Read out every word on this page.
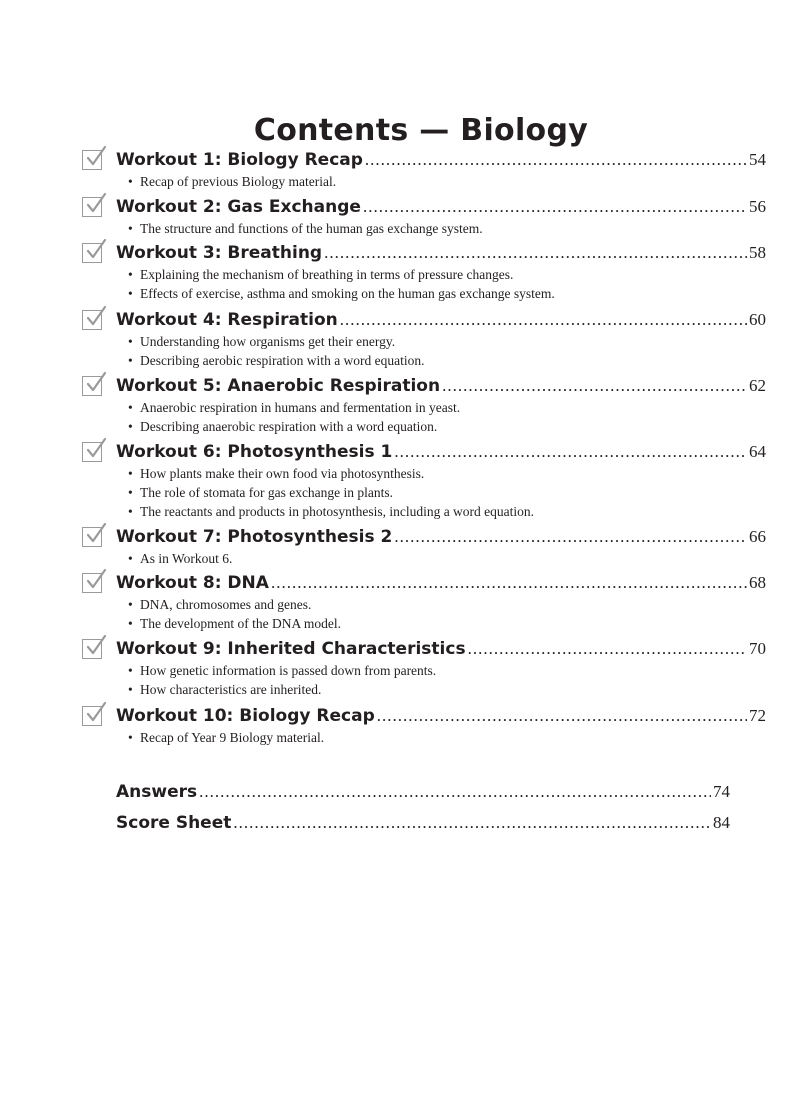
Contents — Biology
Workout 1: Biology Recap .....	54
• Recap of previous Biology material.
Workout 2: Gas Exchange .....	56
• The structure and functions of the human gas exchange system.
Workout 3: Breathing .....	58
• Explaining the mechanism of breathing in terms of pressure changes.
• Effects of exercise, asthma and smoking on the human gas exchange system.
Workout 4: Respiration .....	60
• Understanding how organisms get their energy.
• Describing aerobic respiration with a word equation.
Workout 5: Anaerobic Respiration .....	62
• Anaerobic respiration in humans and fermentation in yeast.
• Describing anaerobic respiration with a word equation.
Workout 6: Photosynthesis 1 .....	64
• How plants make their own food via photosynthesis.
• The role of stomata for gas exchange in plants.
• The reactants and products in photosynthesis, including a word equation.
Workout 7: Photosynthesis 2 .....	66
• As in Workout 6.
Workout 8: DNA .....	68
• DNA, chromosomes and genes.
• The development of the DNA model.
Workout 9: Inherited Characteristics .....	70
• How genetic information is passed down from parents.
• How characteristics are inherited.
Workout 10: Biology Recap .....	72
• Recap of Year 9 Biology material.
Answers .....	74
Score Sheet .....	84
